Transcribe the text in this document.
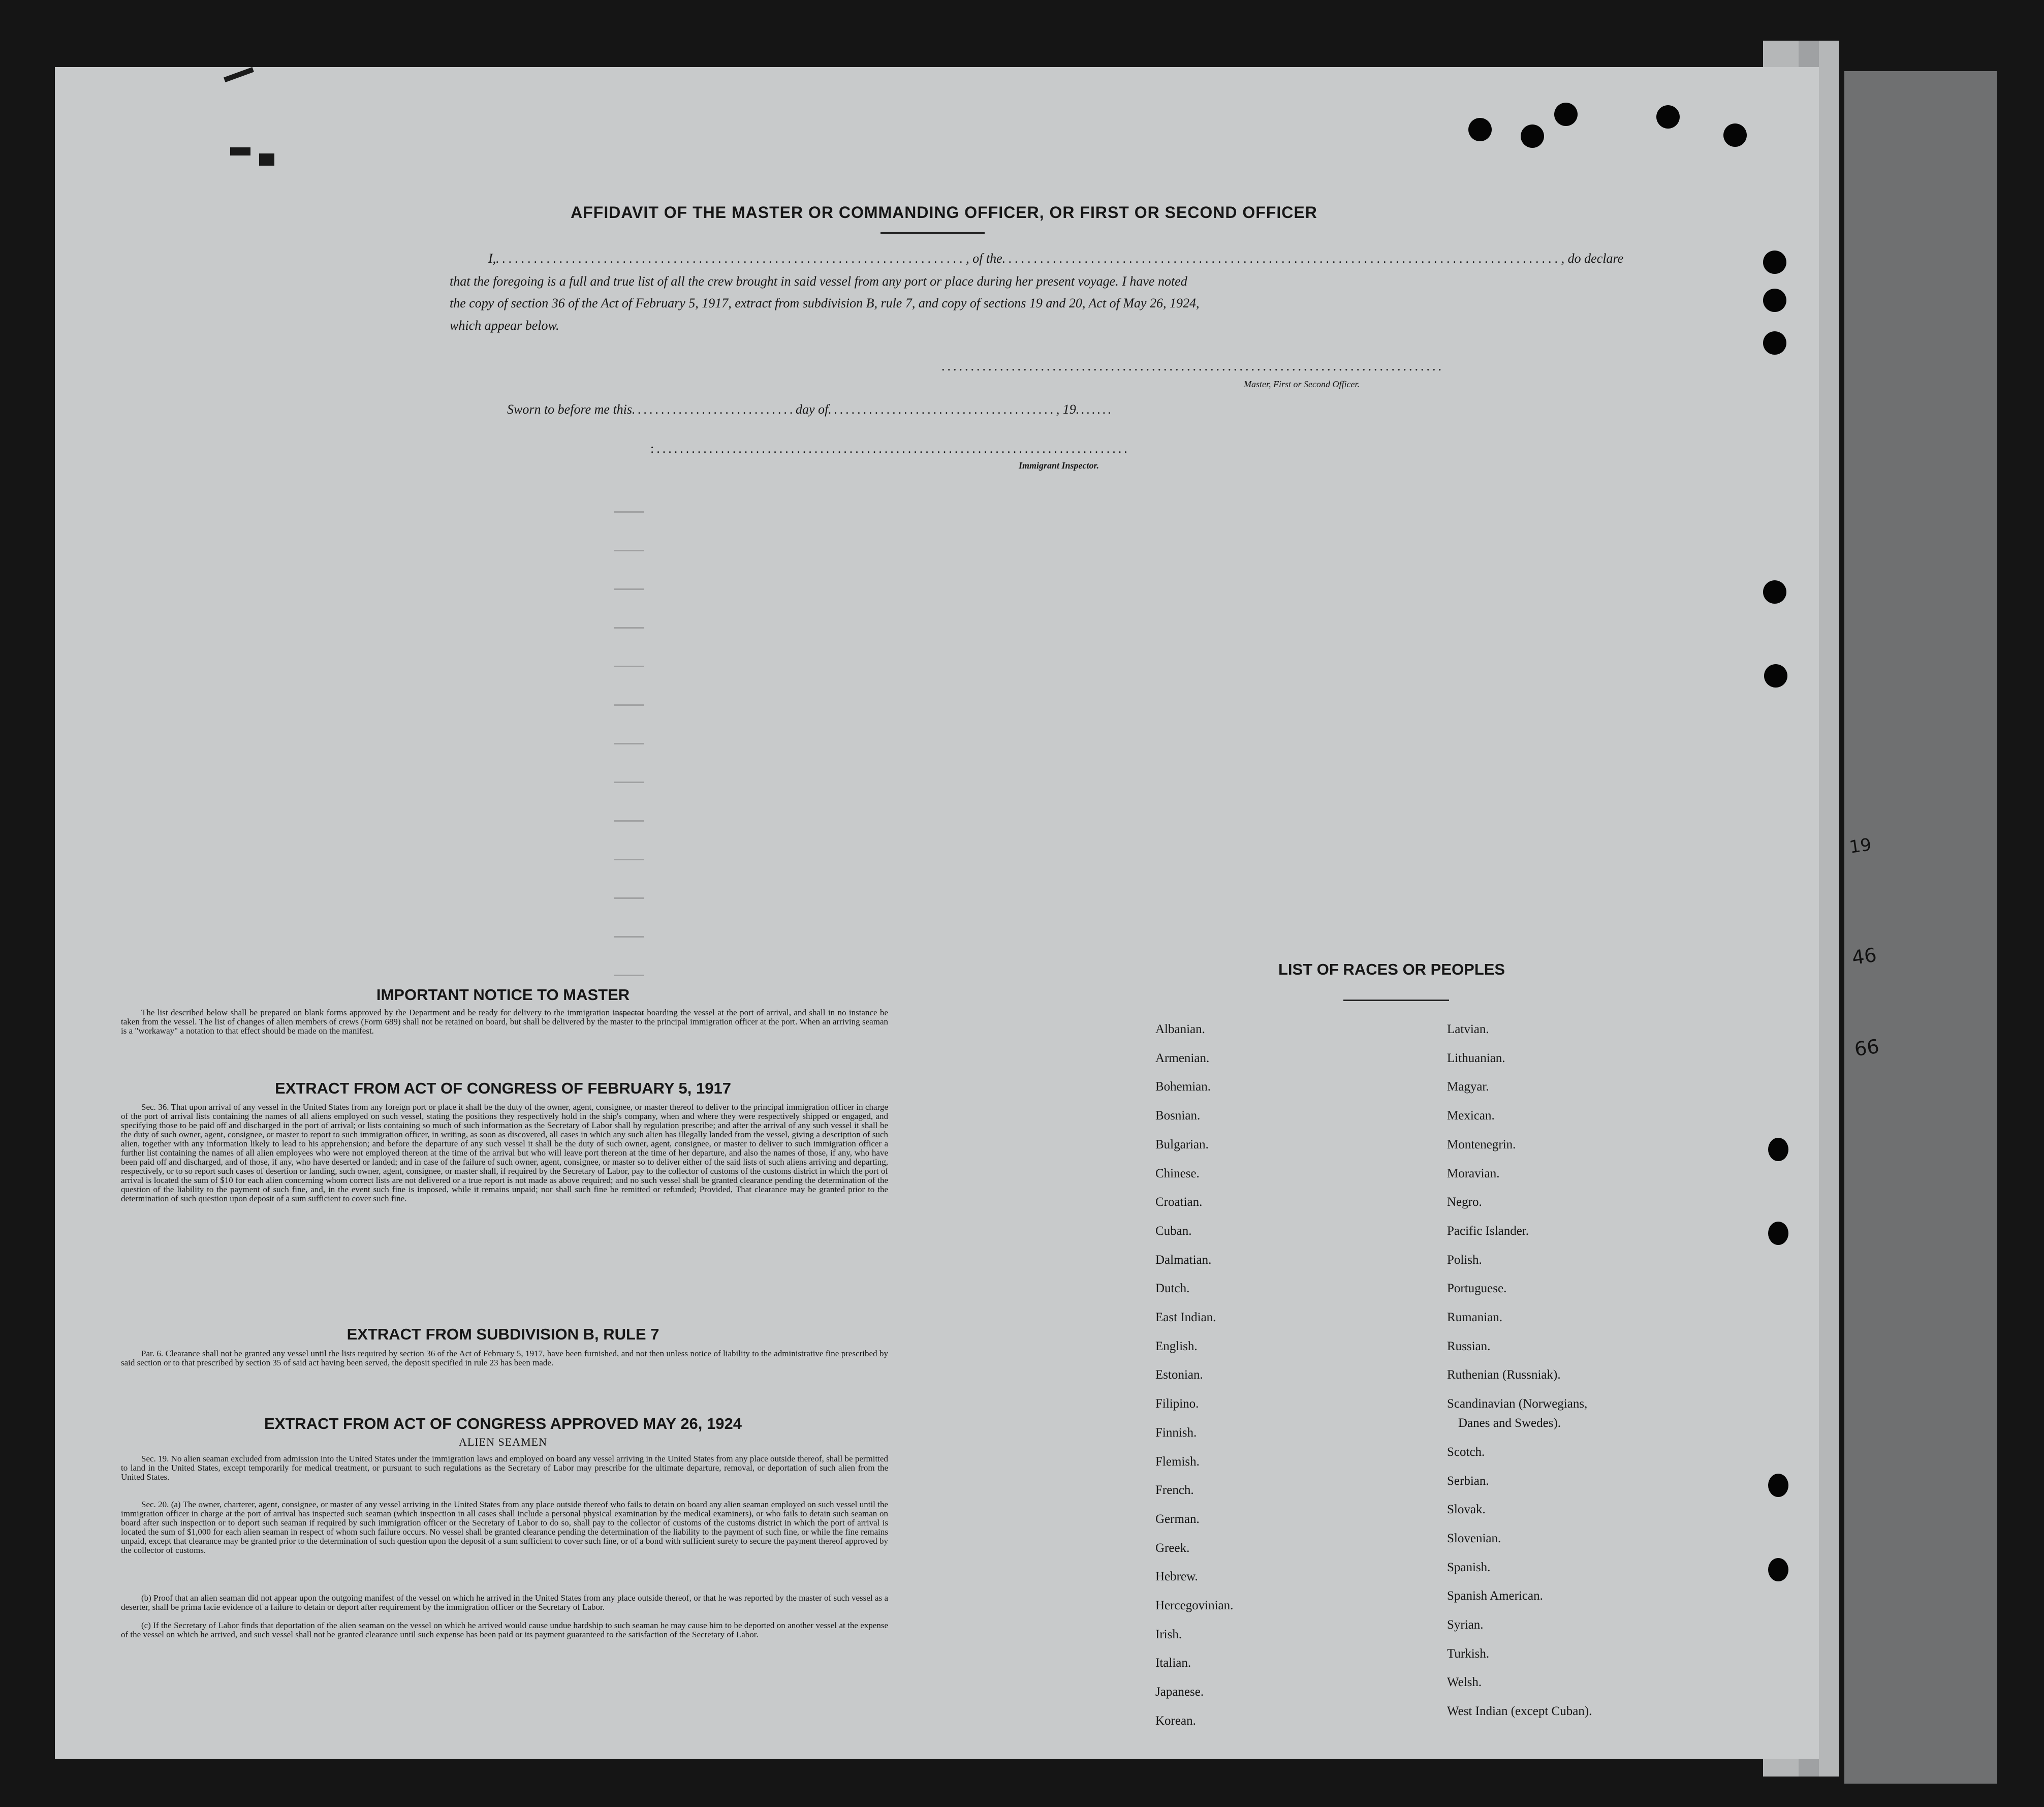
19
46
66
AFFIDAVIT OF THE MASTER OR COMMANDING OFFICER, OR FIRST OR SECOND OFFICER
I,.........................................................................., of the........................................................................................, do declare
that the foregoing is a full and true list of all the crew brought in said vessel from any port or place during her present voyage. I have noted
the copy of section 36 of the Act of February 5, 1917, extract from subdivision B, rule 7, and copy of sections 19 and 20, Act of May 26, 1924,
which appear below.
......................................................................................
Master, First or Second Officer.
Sworn to before me this............................day of......................................., 19.......
:.................................................................................
Immigrant Inspector.
IMPORTANT NOTICE TO MASTER
The list described below shall be prepared on blank forms approved by the Department and be ready for delivery to the immigration inspector boarding the vessel at the port of arrival, and shall in no instance be taken from the vessel. The list of changes of alien members of crews (Form 689) shall not be retained on board, but shall be delivered by the master to the principal immigration officer at the port. When an arriving seaman is a "workaway" a notation to that effect should be made on the manifest.
EXTRACT FROM ACT OF CONGRESS OF FEBRUARY 5, 1917
Sec. 36. That upon arrival of any vessel in the United States from any foreign port or place it shall be the duty of the owner, agent, consignee, or master thereof to deliver to the principal immigration officer in charge of the port of arrival lists containing the names of all aliens employed on such vessel, stating the positions they respectively hold in the ship's company, when and where they were respectively shipped or engaged, and specifying those to be paid off and discharged in the port of arrival; or lists containing so much of such information as the Secretary of Labor shall by regulation prescribe; and after the arrival of any such vessel it shall be the duty of such owner, agent, consignee, or master to report to such immigration officer, in writing, as soon as discovered, all cases in which any such alien has illegally landed from the vessel, giving a description of such alien, together with any information likely to lead to his apprehension; and before the departure of any such vessel it shall be the duty of such owner, agent, consignee, or master to deliver to such immigration officer a further list containing the names of all alien employees who were not employed thereon at the time of the arrival but who will leave port thereon at the time of her departure, and also the names of those, if any, who have been paid off and discharged, and of those, if any, who have deserted or landed; and in case of the failure of such owner, agent, consignee, or master so to deliver either of the said lists of such aliens arriving and departing, respectively, or to so report such cases of desertion or landing, such owner, agent, consignee, or master shall, if required by the Secretary of Labor, pay to the collector of customs of the customs district in which the port of arrival is located the sum of $10 for each alien concerning whom correct lists are not delivered or a true report is not made as above required; and no such vessel shall be granted clearance pending the determination of the question of the liability to the payment of such fine, and, in the event such fine is imposed, while it remains unpaid; nor shall such fine be remitted or refunded; Provided, That clearance may be granted prior to the determination of such question upon deposit of a sum sufficient to cover such fine.
EXTRACT FROM SUBDIVISION B, RULE 7
Par. 6. Clearance shall not be granted any vessel until the lists required by section 36 of the Act of February 5, 1917, have been furnished, and not then unless notice of liability to the administrative fine prescribed by said section or to that prescribed by section 35 of said act having been served, the deposit specified in rule 23 has been made.
EXTRACT FROM ACT OF CONGRESS APPROVED MAY 26, 1924
ALIEN SEAMEN
Sec. 19. No alien seaman excluded from admission into the United States under the immigration laws and employed on board any vessel arriving in the United States from any place outside thereof, shall be permitted to land in the United States, except temporarily for medical treatment, or pursuant to such regulations as the Secretary of Labor may prescribe for the ultimate departure, removal, or deportation of such alien from the United States.
Sec. 20. (a) The owner, charterer, agent, consignee, or master of any vessel arriving in the United States from any place outside thereof who fails to detain on board any alien seaman employed on such vessel until the immigration officer in charge at the port of arrival has inspected such seaman (which inspection in all cases shall include a personal physical examination by the medical examiners), or who fails to detain such seaman on board after such inspection or to deport such seaman if required by such immigration officer or the Secretary of Labor to do so, shall pay to the collector of customs of the customs district in which the port of arrival is located the sum of $1,000 for each alien seaman in respect of whom such failure occurs. No vessel shall be granted clearance pending the determination of the liability to the payment of such fine, or while the fine remains unpaid, except that clearance may be granted prior to the determination of such question upon the deposit of a sum sufficient to cover such fine, or of a bond with sufficient surety to secure the payment thereof approved by the collector of customs.
(b) Proof that an alien seaman did not appear upon the outgoing manifest of the vessel on which he arrived in the United States from any place outside thereof, or that he was reported by the master of such vessel as a deserter, shall be prima facie evidence of a failure to detain or deport after requirement by the immigration officer or the Secretary of Labor.
(c) If the Secretary of Labor finds that deportation of the alien seaman on the vessel on which he arrived would cause undue hardship to such seaman he may cause him to be deported on another vessel at the expense of the vessel on which he arrived, and such vessel shall not be granted clearance until such expense has been paid or its payment guaranteed to the satisfaction of the Secretary of Labor.
LIST OF RACES OR PEOPLES
Albanian.
Armenian.
Bohemian.
Bosnian.
Bulgarian.
Chinese.
Croatian.
Cuban.
Dalmatian.
Dutch.
East Indian.
English.
Estonian.
Filipino.
Finnish.
Flemish.
French.
German.
Greek.
Hebrew.
Hercegovinian.
Irish.
Italian.
Japanese.
Korean.
Latvian.
Lithuanian.
Magyar.
Mexican.
Montenegrin.
Moravian.
Negro.
Pacific Islander.
Polish.
Portuguese.
Rumanian.
Russian.
Ruthenian (Russniak).
Scandinavian (Norwegians,
Danes and Swedes).
Scotch.
Serbian.
Slovak.
Slovenian.
Spanish.
Spanish American.
Syrian.
Turkish.
Welsh.
West Indian (except Cuban).
